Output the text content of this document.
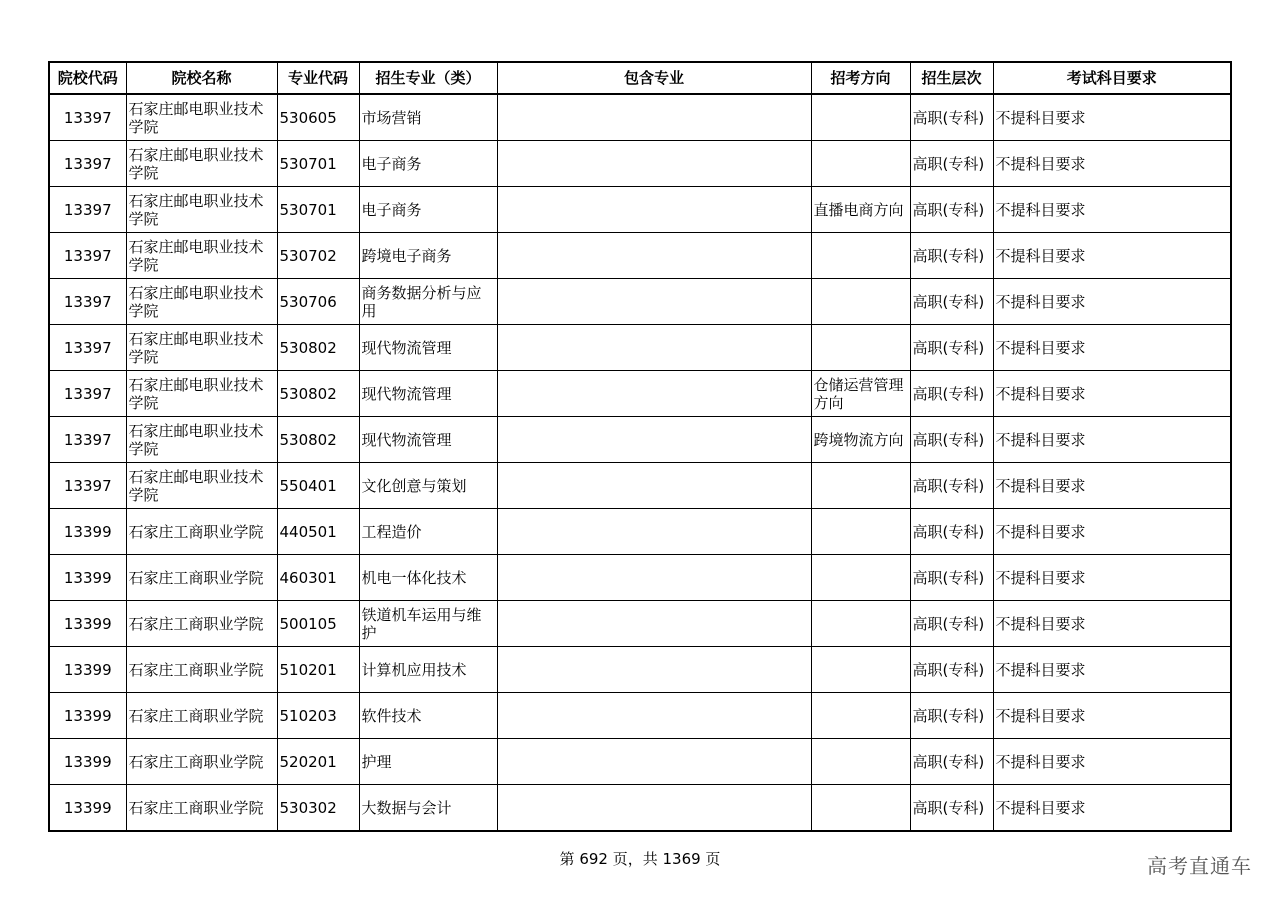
院校代码	院校名称	专业代码	招生专业（类）	包含专业	招考方向	招生层次	考试科目要求
13397	石家庄邮电职业技术学院	530605	市场营销			高职(专科)	不提科目要求
13397	石家庄邮电职业技术学院	530701	电子商务			高职(专科)	不提科目要求
13397	石家庄邮电职业技术学院	530701	电子商务		直播电商方向	高职(专科)	不提科目要求
13397	石家庄邮电职业技术学院	530702	跨境电子商务			高职(专科)	不提科目要求
13397	石家庄邮电职业技术学院	530706	商务数据分析与应用			高职(专科)	不提科目要求
13397	石家庄邮电职业技术学院	530802	现代物流管理			高职(专科)	不提科目要求
13397	石家庄邮电职业技术学院	530802	现代物流管理		仓储运营管理方向	高职(专科)	不提科目要求
13397	石家庄邮电职业技术学院	530802	现代物流管理		跨境物流方向	高职(专科)	不提科目要求
13397	石家庄邮电职业技术学院	550401	文化创意与策划			高职(专科)	不提科目要求
13399	石家庄工商职业学院	440501	工程造价			高职(专科)	不提科目要求
13399	石家庄工商职业学院	460301	机电一体化技术			高职(专科)	不提科目要求
13399	石家庄工商职业学院	500105	铁道机车运用与维护			高职(专科)	不提科目要求
13399	石家庄工商职业学院	510201	计算机应用技术			高职(专科)	不提科目要求
13399	石家庄工商职业学院	510203	软件技术			高职(专科)	不提科目要求
13399	石家庄工商职业学院	520201	护理			高职(专科)	不提科目要求
13399	石家庄工商职业学院	530302	大数据与会计			高职(专科)	不提科目要求
第 692 页，共 1369 页	高考直通车
